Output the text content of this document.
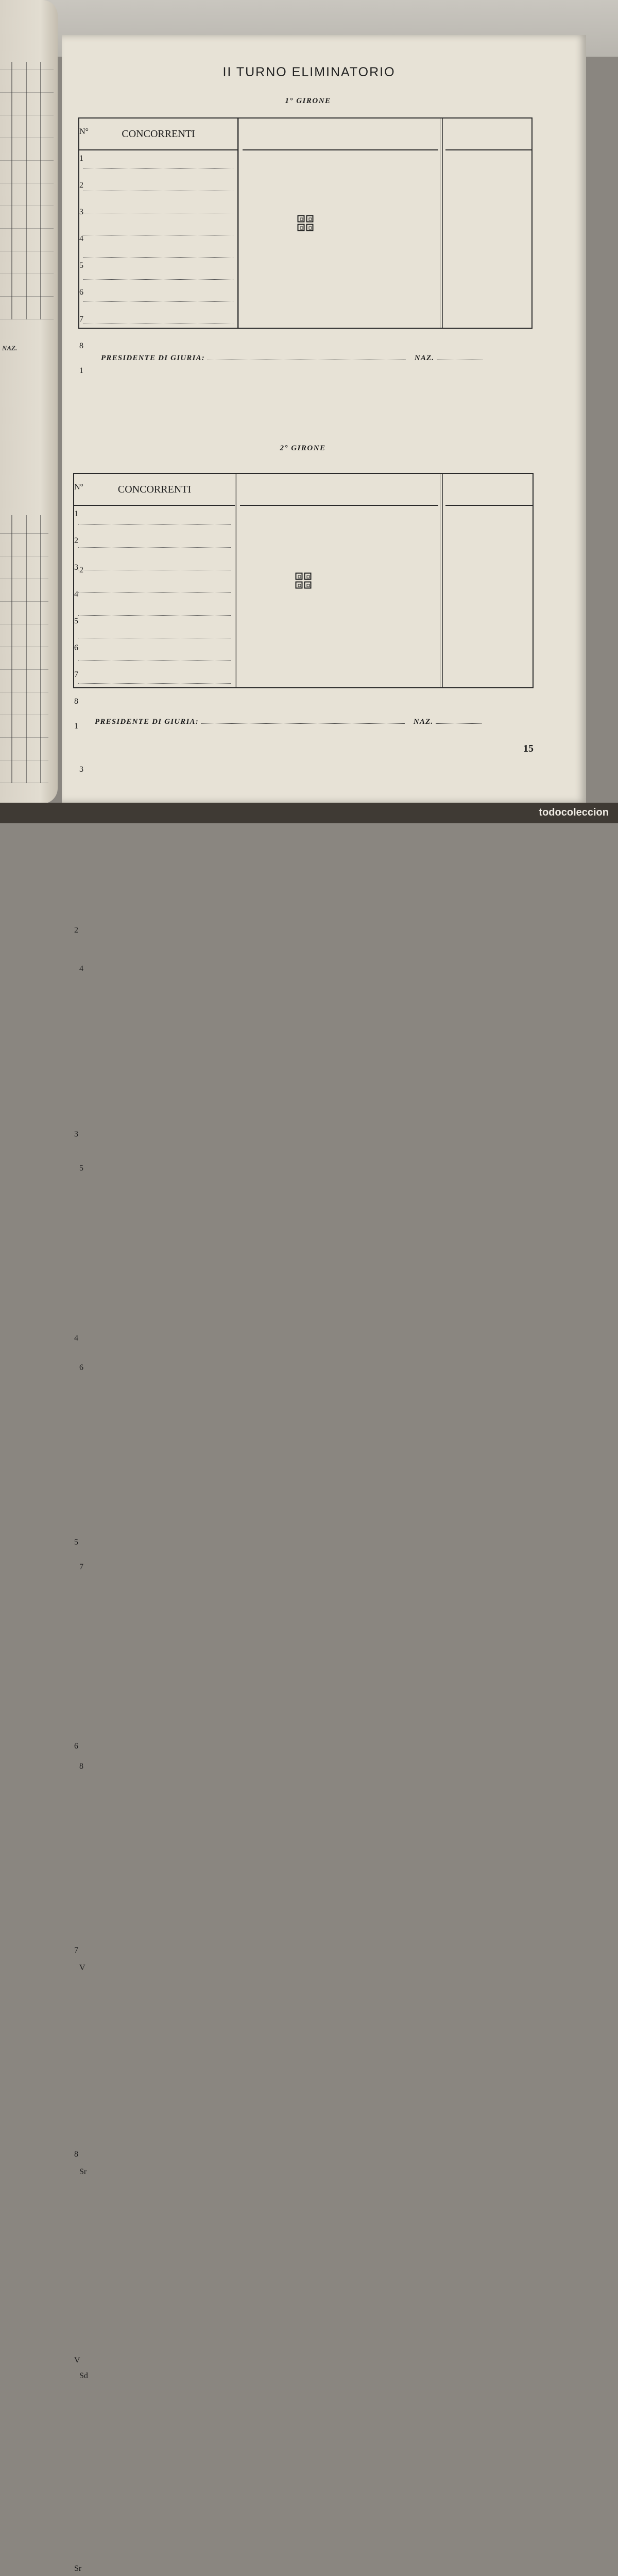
NAZ.
II TURNO ELIMINATORIO
1° GIRONE
CONCORRENTI
N°
1
2
3
4
5
6
7
8
1
2
3
4
5
6
7
8
V
Sr
Sd
PRESIDENTE DI GIURIA:	NAZ.
2° GIRONE
CONCORRENTI
N°
1
2
3
4
5
6
7
8
1
2
3
4
5
6
7
8
V
Sr
PRESIDENTE DI GIURIA:	NAZ.
15
todocoleccion
